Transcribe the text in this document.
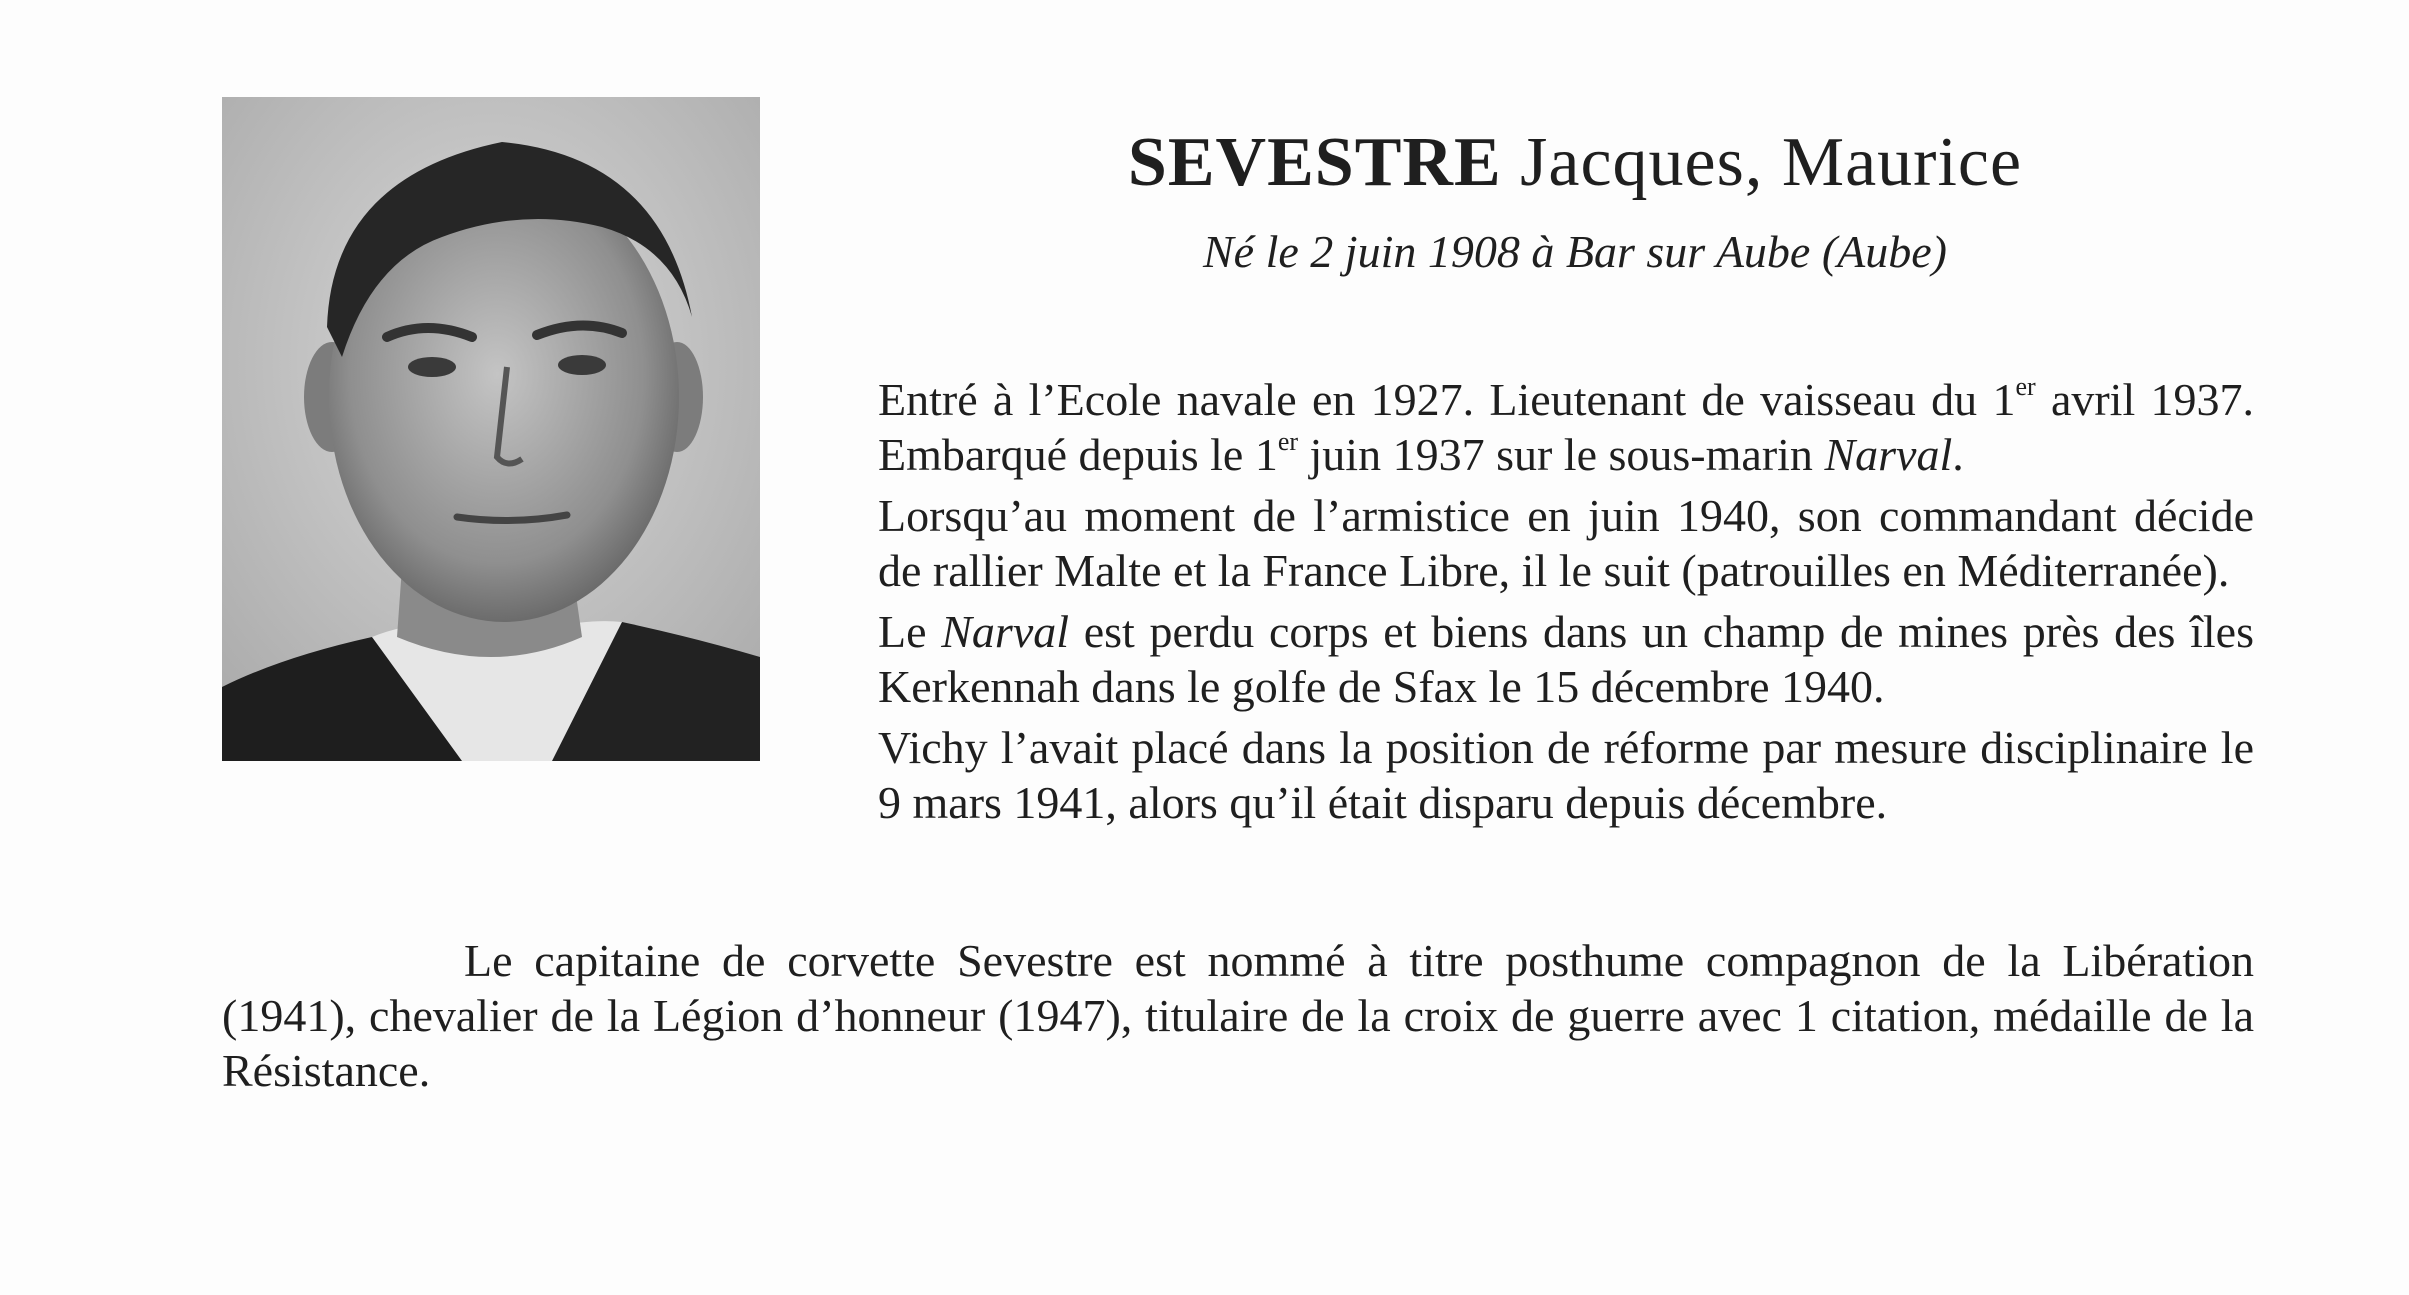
SEVESTRE Jacques, Maurice
Né le 2 juin 1908 à Bar sur Aube (Aube)

Entré à l’Ecole navale en 1927. Lieutenant de vaisseau du 1er avril 1937. Embarqué depuis le 1er juin 1937 sur le sous-marin Narval.

Lorsqu’au moment de l’armistice en juin 1940, son commandant décide de rallier Malte et la France Libre, il le suit (patrouilles en Méditerranée).

Le Narval est perdu corps et biens dans un champ de mines près des îles Kerkennah dans le golfe de Sfax le 15 décembre 1940.

Vichy l’avait placé dans la position de réforme par mesure disciplinaire le 9 mars 1941, alors qu’il était disparu depuis décembre.

Le capitaine de corvette Sevestre est nommé à titre posthume compagnon de la Libération (1941), chevalier de la Légion d’honneur (1947), titulaire de la croix de guerre avec 1 citation, médaille de la Résistance.
